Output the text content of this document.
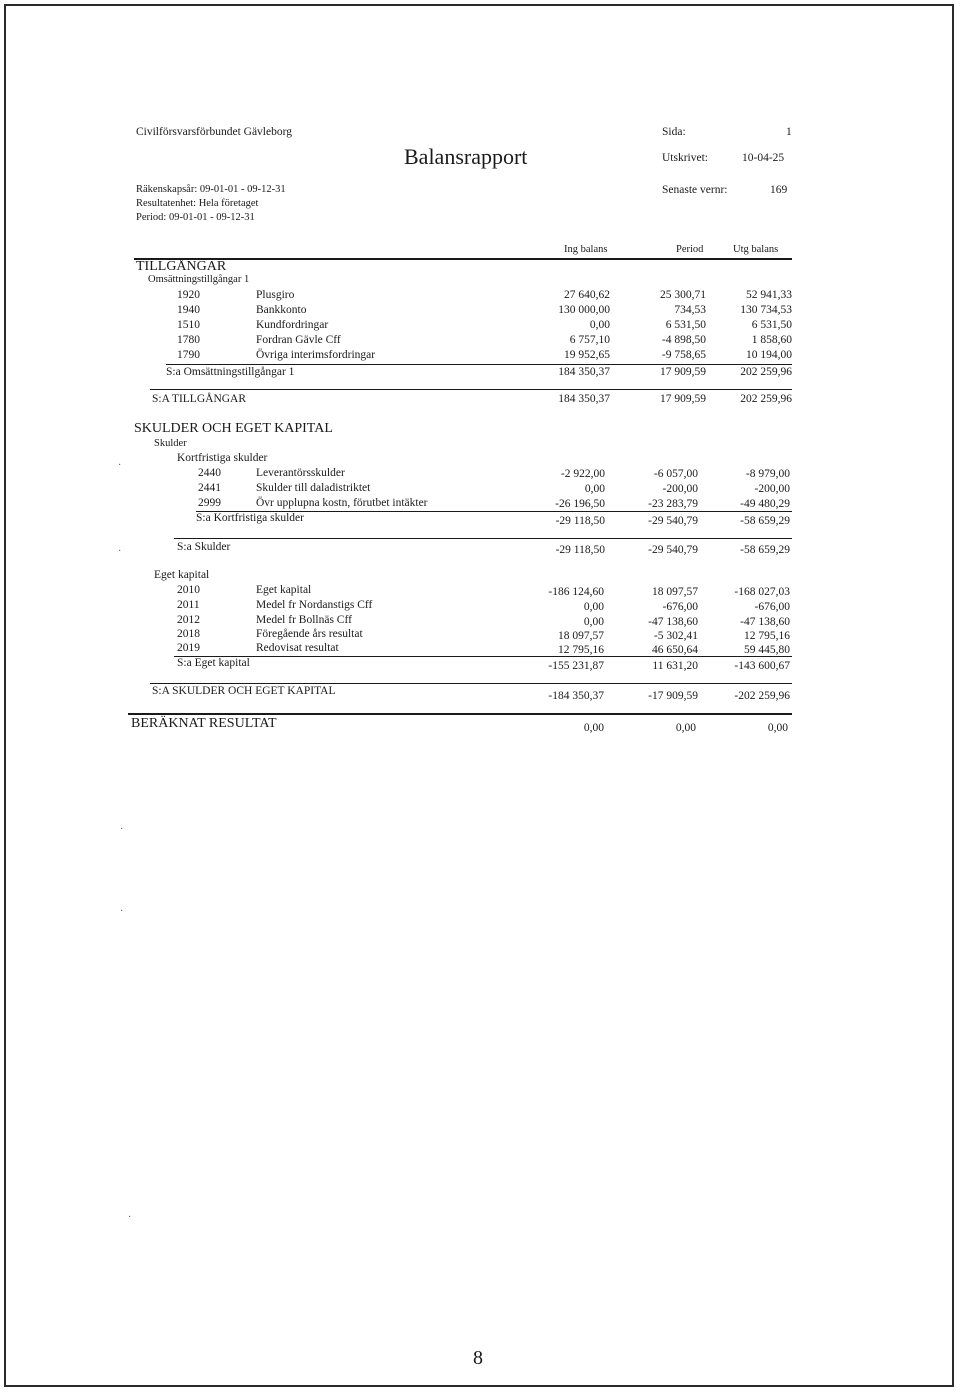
Civilförsvarsförbundet Gävleborg
Balansrapport
Sida:	1
Utskrivet:	10-04-25
Senaste vernr:	169
Räkenskapsår: 09-01-01 - 09-12-31
Resultatenhet: Hela företaget
Period: 09-01-01 - 09-12-31
Ing balans	Period	Utg balans
TILLGÅNGAR
Omsättningstillgångar 1
1920	Plusgiro	27 640,62	25 300,71	52 941,33
1940	Bankkonto	130 000,00	734,53	130 734,53
1510	Kundfordringar	0,00	6 531,50	6 531,50
1780	Fordran Gävle Cff	6 757,10	-4 898,50	1 858,60
1790	Övriga interimsfordringar	19 952,65	-9 758,65	10 194,00
S:a Omsättningstillgångar 1	184 350,37	17 909,59	202 259,96
S:A TILLGÅNGAR	184 350,37	17 909,59	202 259,96
SKULDER OCH EGET KAPITAL
Skulder
Kortfristiga skulder
2440	Leverantörsskulder	-2 922,00	-6 057,00	-8 979,00
2441	Skulder till daladistriktet	0,00	-200,00	-200,00
2999	Övr upplupna kostn, förutbet intäkter	-26 196,50	-23 283,79	-49 480,29
S:a Kortfristiga skulder	-29 118,50	-29 540,79	-58 659,29
S:a Skulder	-29 118,50	-29 540,79	-58 659,29
Eget kapital
2010	Eget kapital	-186 124,60	18 097,57	-168 027,03
2011	Medel fr Nordanstigs Cff	0,00	-676,00	-676,00
2012	Medel fr Bollnäs Cff	0,00	-47 138,60	-47 138,60
2018	Föregående års resultat	18 097,57	-5 302,41	12 795,16
2019	Redovisat resultat	12 795,16	46 650,64	59 445,80
S:a Eget kapital	-155 231,87	11 631,20	-143 600,67
S:A SKULDER OCH EGET KAPITAL	-184 350,37	-17 909,59	-202 259,96
BERÄKNAT RESULTAT	0,00	0,00	0,00
·
·
·
·
·
8
